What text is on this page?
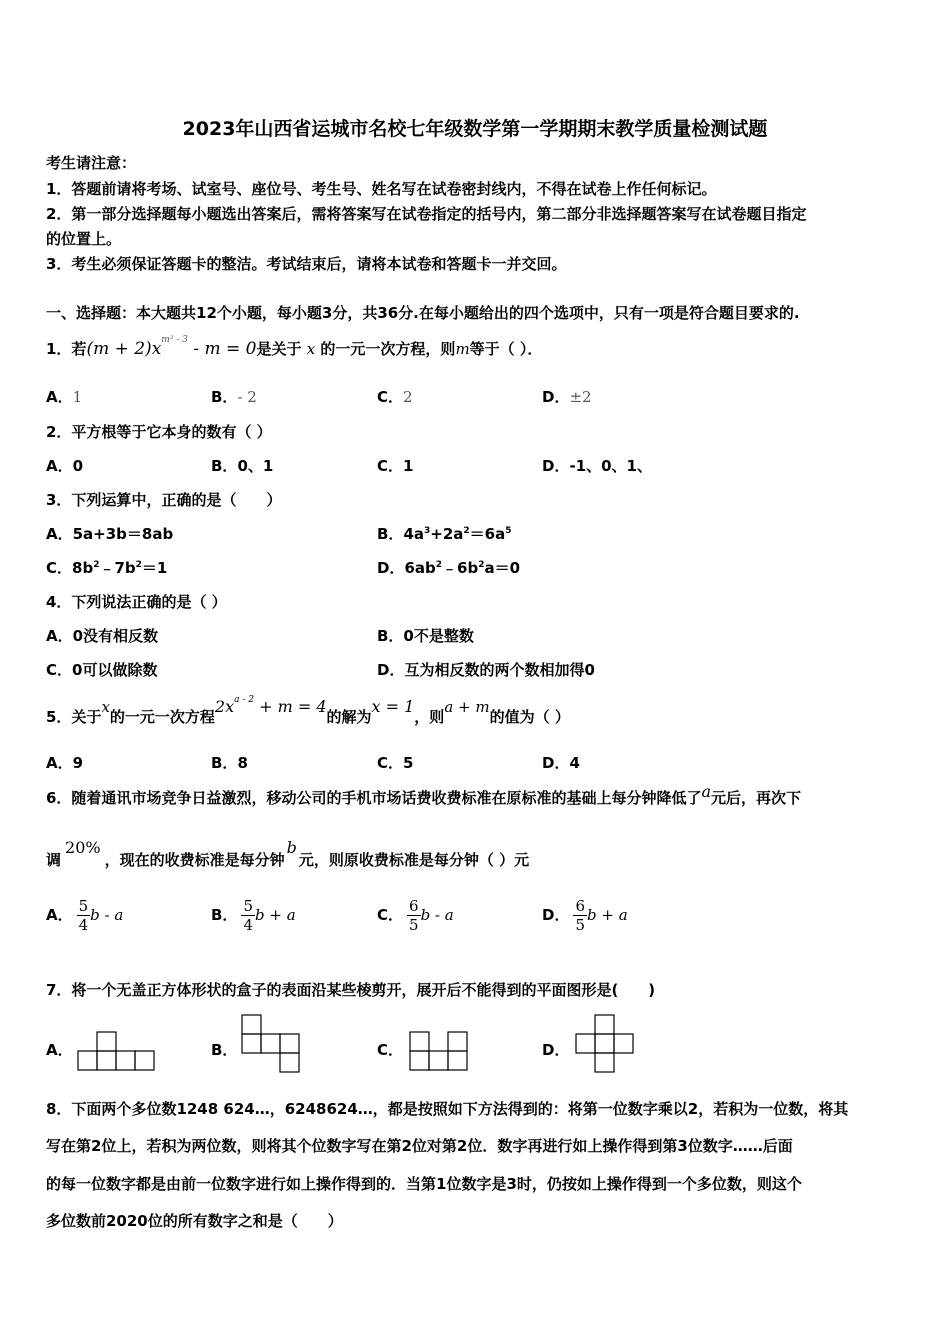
2023年山西省运城市名校七年级数学第一学期期末教学质量检测试题
考生请注意：
1．答题前请将考场、试室号、座位号、考生号、姓名写在试卷密封线内，不得在试卷上作任何标记。
2．第一部分选择题每小题选出答案后，需将答案写在试卷指定的括号内，第二部分非选择题答案写在试卷题目指定
的位置上。
3．考生必须保证答题卡的整洁。考试结束后，请将本试卷和答题卡一并交回。
一、选择题：本大题共12个小题，每小题3分，共36分.在每小题给出的四个选项中，只有一项是符合题目要求的.
1．若$(m + 2)x^{m^2 - 3} - m = 0$是关于 x 的一元一次方程，则m等于（ ）．
A．1	B．- 2	C．2	D．±2
2．平方根等于它本身的数有（ ）
A．0	B．0、1	C．1	D．-1、0、1、
3．下列运算中，正确的是（　　）
A．5a+3b＝8ab	B．$4a^3+2a^2=6a^5$
C．$8b^2﹣7b^2=1$	D．$6ab^2﹣6b^2a=0$
4．下列说法正确的是（ ）
A．0没有相反数	B．0不是整数
C．0可以做除数	D．互为相反数的两个数相加得0
5．关于x的一元一次方程$2x^{a - 2} + m = 4$的解为x = 1，则a + m的值为（ ）
A．9	B．8	C．5	D．4
6．随着通讯市场竞争日益激烈，移动公司的手机市场话费收费标准在原标准的基础上每分钟降低了a元后，再次下
调20%，现在的收费标准是每分钟b元，则原收费标准是每分钟（ ）元
A． $\frac{5}{4}$ b - a	B． $\frac{5}{4}$ b + a	C． $\frac{6}{5}$ b - a	D． $\frac{6}{5}$ b + a
7．将一个无盖正方体形状的盒子的表面沿某些棱剪开，展开后不能得到的平面图形是(　　)
A．	B．	C．	D．
8．下面两个多位数1248 624…，6248624…，都是按照如下方法得到的：将第一位数字乘以2，若积为一位数，将其
写在第2位上，若积为两位数，则将其个位数字写在第2位对第2位．数字再进行如上操作得到第3位数字……后面
的每一位数字都是由前一位数字进行如上操作得到的．当第1位数字是3时，仍按如上操作得到一个多位数，则这个
多位数前2020位的所有数字之和是（　　）
